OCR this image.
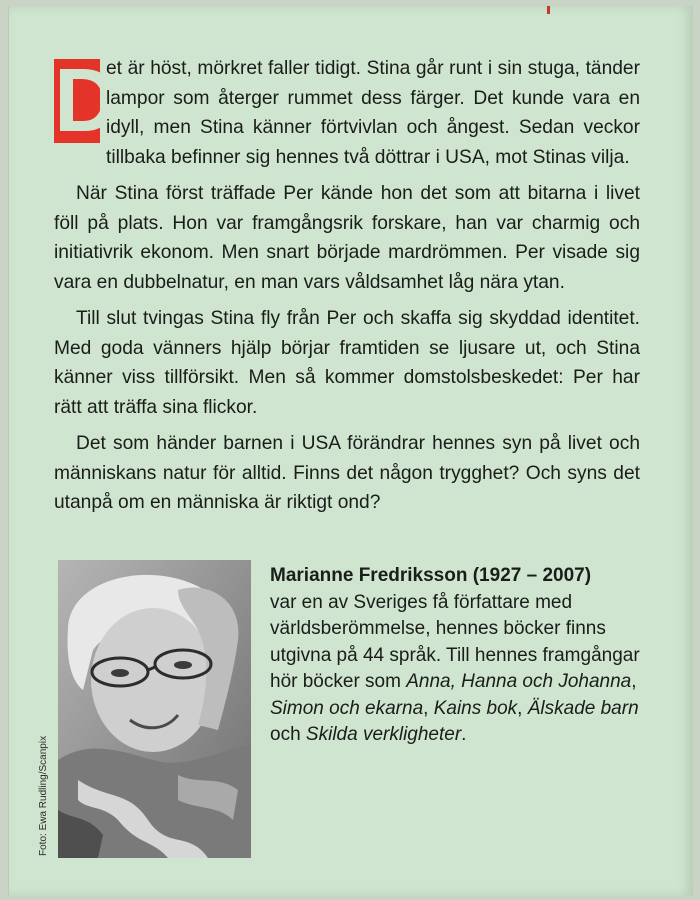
D
et är höst, mörkret faller tidigt. Stina går runt i sin stuga, tänder lampor som återger rummet dess färger. Det kunde vara en idyll, men Stina känner förtvivlan och ångest. Sedan veckor tillbaka befinner sig hennes två döttrar i USA, mot Stinas vilja.

När Stina först träffade Per kände hon det som att bitarna i livet föll på plats. Hon var framgångsrik forskare, han var charmig och initiativrik ekonom. Men snart började mardrömmen. Per visade sig vara en dubbelnatur, en man vars våldsamhet låg nära ytan.

Till slut tvingas Stina fly från Per och skaffa sig skyddad identitet. Med goda vänners hjälp börjar framtiden se ljusare ut, och Stina känner viss tillförsikt. Men så kommer domstolsbeskedet: Per har rätt att träffa sina flickor.

Det som händer barnen i USA förändrar hennes syn på livet och människans natur för alltid. Finns det någon trygghet? Och syns det utanpå om en människa är riktigt ond?

Foto: Ewa Rudling/Scanpix
Marianne Fredriksson (1927 – 2007)
var en av Sveriges få författare med världsberömmelse, hennes böcker finns utgivna på 44 språk. Till hennes framgångar hör böcker som Anna, Hanna och Johanna, Simon och ekarna, Kains bok, Älskade barn och Skilda verkligheter.
